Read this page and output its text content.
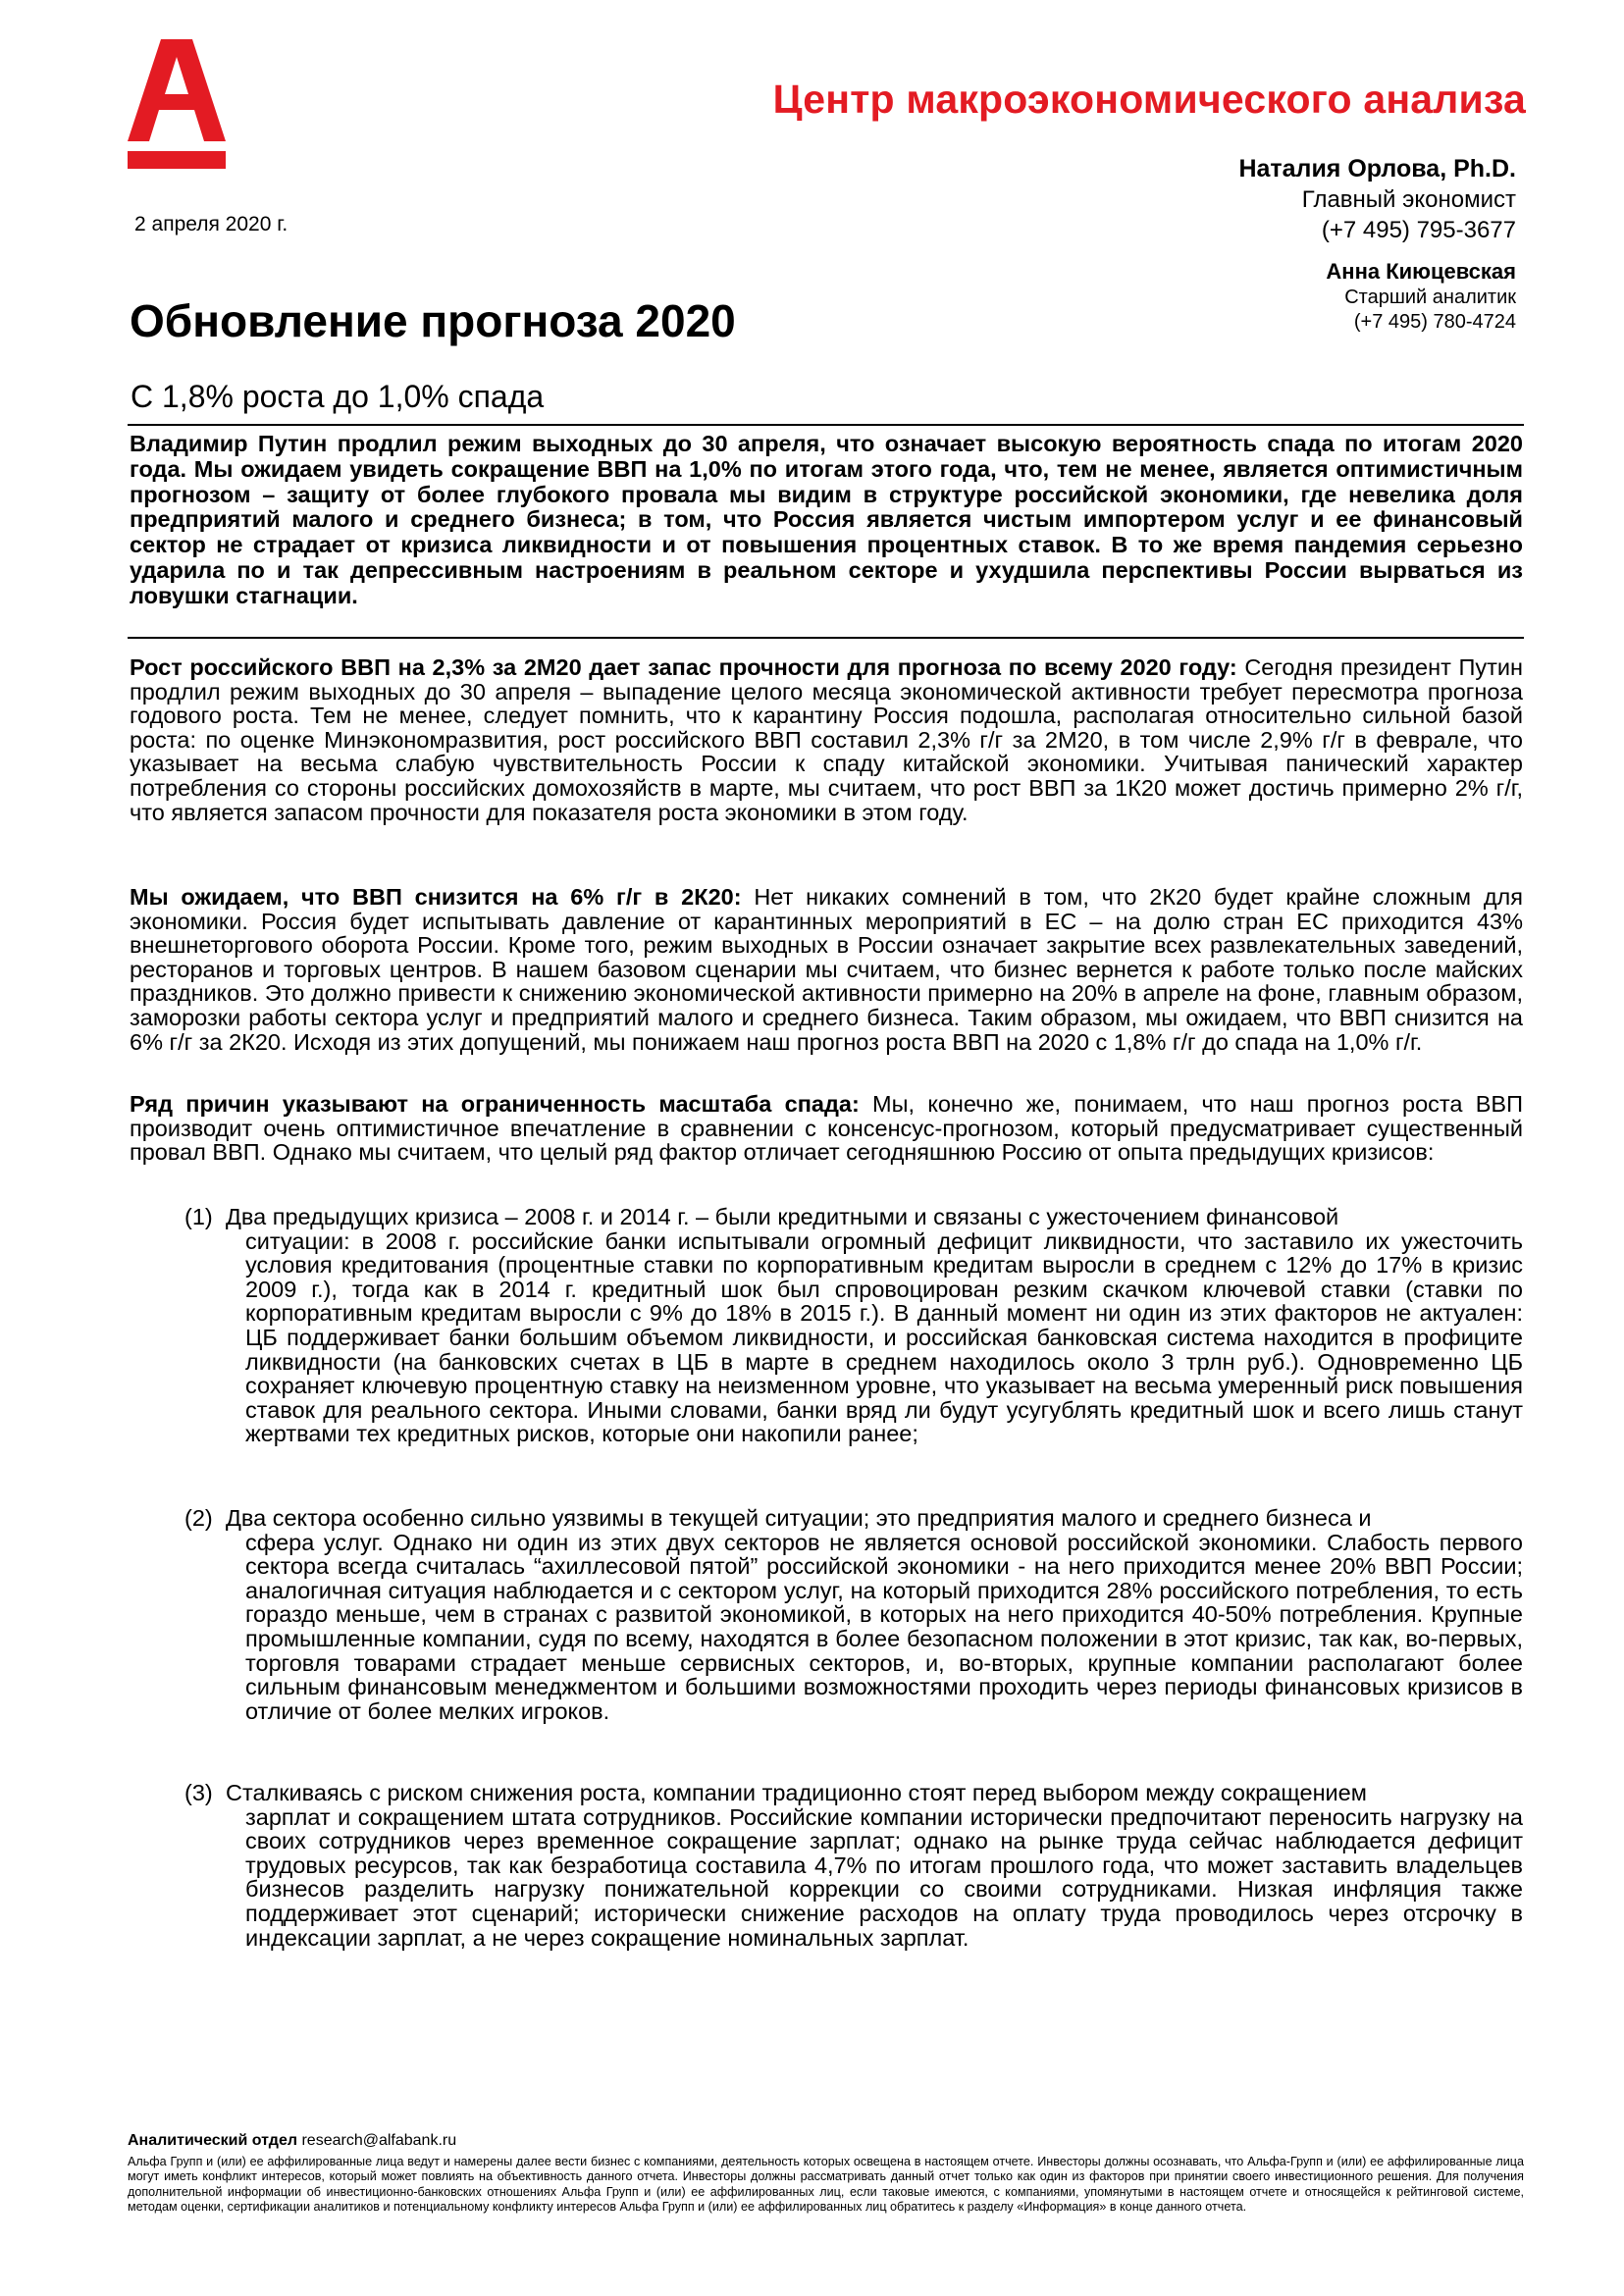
Центр макроэкономического анализа
Наталия Орлова, Ph.D.
Главный экономист
(+7 495) 795-3677
Анна Киюцевская
Старший аналитик
(+7 495) 780-4724
2 апреля 2020 г.
Обновление прогноза 2020
С 1,8% роста до 1,0% спада
Владимир Путин продлил режим выходных до 30 апреля, что означает высокую вероятность спада по итогам 2020 года. Мы ожидаем увидеть сокращение ВВП на 1,0% по итогам этого года, что, тем не менее, является оптимистичным прогнозом – защиту от более глубокого провала мы видим в структуре российской экономики, где невелика доля предприятий малого и среднего бизнеса; в том, что Россия является чистым импортером услуг и ее финансовый сектор не страдает от кризиса ликвидности и от повышения процентных ставок. В то же время пандемия серьезно ударила по и так депрессивным настроениям в реальном секторе и ухудшила перспективы России вырваться из ловушки стагнации.
Рост российского ВВП на 2,3% за 2М20 дает запас прочности для прогноза по всему 2020 году: Сегодня президент Путин продлил режим выходных до 30 апреля – выпадение целого месяца экономической активности требует пересмотра прогноза годового роста. Тем не менее, следует помнить, что к карантину Россия подошла, располагая относительно сильной базой роста: по оценке Минэкономразвития, рост российского ВВП составил 2,3% г/г за 2М20, в том числе 2,9% г/г в феврале, что указывает на весьма слабую чувствительность России к спаду китайской экономики. Учитывая панический характер потребления со стороны российских домохозяйств в марте, мы считаем, что рост ВВП за 1К20 может достичь примерно 2% г/г, что является запасом прочности для показателя роста экономики в этом году.
Мы ожидаем, что ВВП снизится на 6% г/г в 2К20: Нет никаких сомнений в том, что 2К20 будет крайне сложным для экономики. Россия будет испытывать давление от карантинных мероприятий в ЕС – на долю стран ЕС приходится 43% внешнеторгового оборота России. Кроме того, режим выходных в России означает закрытие всех развлекательных заведений, ресторанов и торговых центров. В нашем базовом сценарии мы считаем, что бизнес вернется к работе только после майских праздников. Это должно привести к снижению экономической активности примерно на 20% в апреле на фоне, главным образом, заморозки работы сектора услуг и предприятий малого и среднего бизнеса. Таким образом, мы ожидаем, что ВВП снизится на 6% г/г за 2К20. Исходя из этих допущений, мы понижаем наш прогноз роста ВВП на 2020 с 1,8% г/г до спада на 1,0% г/г.
Ряд причин указывают на ограниченность масштаба спада: Мы, конечно же, понимаем, что наш прогноз роста ВВП производит очень оптимистичное впечатление в сравнении с консенсус-прогнозом, который предусматривает существенный провал ВВП. Однако мы считаем, что целый ряд фактор отличает сегодняшнюю Россию от опыта предыдущих кризисов:
(1) Два предыдущих кризиса – 2008 г. и 2014 г. – были кредитными и связаны с ужесточением финансовой
ситуации: в 2008 г. российские банки испытывали огромный дефицит ликвидности, что заставило их ужесточить условия кредитования (процентные ставки по корпоративным кредитам выросли в среднем с 12% до 17% в кризис 2009 г.), тогда как в 2014 г. кредитный шок был спровоцирован резким скачком ключевой ставки (ставки по корпоративным кредитам выросли с 9% до 18% в 2015 г.). В данный момент ни один из этих факторов не актуален: ЦБ поддерживает банки большим объемом ликвидности, и российская банковская система находится в профиците ликвидности (на банковских счетах в ЦБ в марте в среднем находилось около 3 трлн руб.). Одновременно ЦБ сохраняет ключевую процентную ставку на неизменном уровне, что указывает на весьма умеренный риск повышения ставок для реального сектора. Иными словами, банки вряд ли будут усугублять кредитный шок и всего лишь станут жертвами тех кредитных рисков, которые они накопили ранее;
(2) Два сектора особенно сильно уязвимы в текущей ситуации; это предприятия малого и среднего бизнеса и
сфера услуг. Однако ни один из этих двух секторов не является основой российской экономики. Слабость первого сектора всегда считалась “ахиллесовой пятой” российской экономики - на него приходится менее 20% ВВП России; аналогичная ситуация наблюдается и с сектором услуг, на который приходится 28% российского потребления, то есть гораздо меньше, чем в странах с развитой экономикой, в которых на него приходится 40-50% потребления. Крупные промышленные компании, судя по всему, находятся в более безопасном положении в этот кризис, так как, во-первых, торговля товарами страдает меньше сервисных секторов, и, во-вторых, крупные компании располагают более сильным финансовым менеджментом и большими возможностями проходить через периоды финансовых кризисов в отличие от более мелких игроков.
(3) Сталкиваясь с риском снижения роста, компании традиционно стоят перед выбором между сокращением
зарплат и сокращением штата сотрудников. Российские компании исторически предпочитают переносить нагрузку на своих сотрудников через временное сокращение зарплат; однако на рынке труда сейчас наблюдается дефицит трудовых ресурсов, так как безработица составила 4,7% по итогам прошлого года, что может заставить владельцев бизнесов разделить нагрузку понижательной коррекции со своими сотрудниками. Низкая инфляция также поддерживает этот сценарий; исторически снижение расходов на оплату труда проводилось через отсрочку в индексации зарплат, а не через сокращение номинальных зарплат.
Аналитический отдел research@alfabank.ru
Альфа Групп и (или) ее аффилированные лица ведут и намерены далее вести бизнес с компаниями, деятельность которых освещена в настоящем отчете. Инвесторы должны осознавать, что Альфа-Групп и (или) ее аффилированные лица могут иметь конфликт интересов, который может повлиять на объективность данного отчета. Инвесторы должны рассматривать данный отчет только как один из факторов при принятии своего инвестиционного решения. Для получения дополнительной информации об инвестиционно-банковских отношениях Альфа Групп и (или) ее аффилированных лиц, если таковые имеются, с компаниями, упомянутыми в настоящем отчете и относящейся к рейтинговой системе, методам оценки, сертификации аналитиков и потенциальному конфликту интересов Альфа Групп и (или) ее аффилированных лиц обратитесь к разделу «Информация» в конце данного отчета.
